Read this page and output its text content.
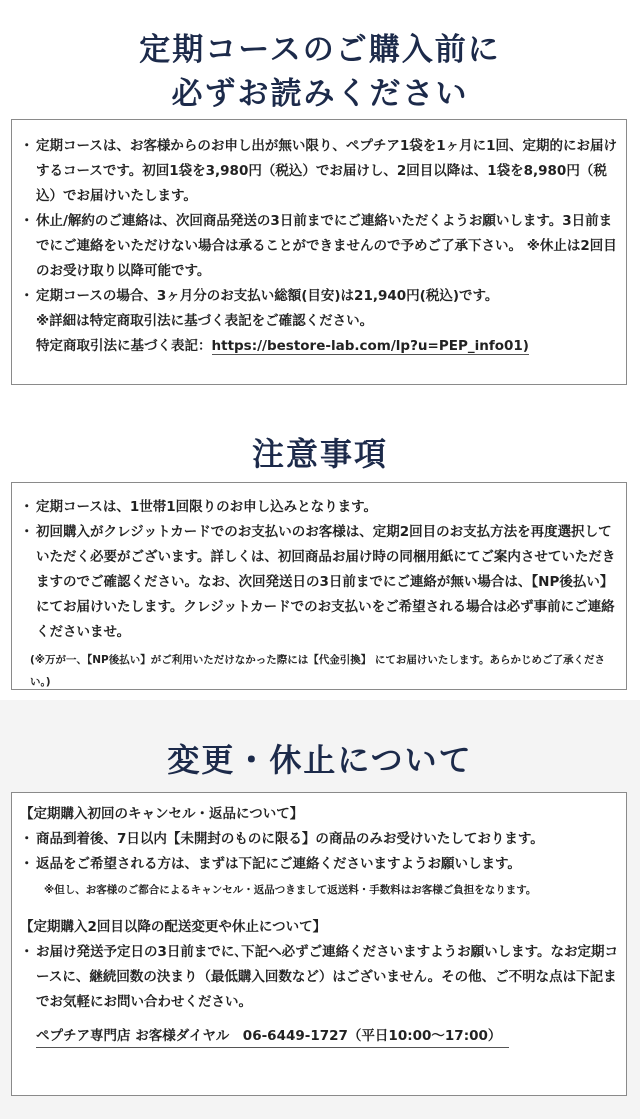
定期コースのご購入前に
必ずお読みください
・ 定期コースは、お客様からのお申し出が無い限り、ペプチア1袋を1ヶ月に1回、定期的にお届けするコースです。初回1袋を3,980円（税込）でお届けし、2回目以降は、1袋を8,980円（税込）でお届けいたします。
・ 休止/解約のご連絡は、次回商品発送の3日前までにご連絡いただくようお願いします。3日前までにご連絡をいただけない場合は承ることができませんので予めご了承下さい。 ※休止は2回目のお受け取り以降可能です。
・ 定期コースの場合、3ヶ月分のお支払い総額(目安)は21,940円(税込)です。
※詳細は特定商取引法に基づく表記をご確認ください。
特定商取引法に基づく表記：https://bestore-lab.com/lp?u=PEP_info01)
注意事項
・ 定期コースは、1世帯1回限りのお申し込みとなります。
・ 初回購入がクレジットカードでのお支払いのお客様は、定期2回目のお支払方法を再度選択していただく必要がございます。詳しくは、初回商品お届け時の同梱用紙にてご案内させていただきますのでご確認ください。なお、次回発送日の3日前までにご連絡が無い場合は、【NP後払い】にてお届けいたします。クレジットカードでのお支払いをご希望される場合は必ず事前にご連絡くださいませ。
(※万が一、【NP後払い】がご利用いただけなかった際には【代金引換】 にてお届けいたします。あらかじめご了承ください。)
変更・休止について
【定期購入初回のキャンセル・返品について】
・ 商品到着後、7日以内【未開封のものに限る】の商品のみお受けいたしております。
・ 返品をご希望される方は、まずは下記にご連絡くださいますようお願いします。
※但し、お客様のご都合によるキャンセル・返品つきまして返送料・手数料はお客様ご負担をなります。
【定期購入2回目以降の配送変更や休止について】
・ お届け発送予定日の3日前までに､下記へ必ずご連絡くださいますようお願いします。なお定期コースに、継続回数の決まり（最低購入回数など）はございません。その他、ご不明な点は下記までお気軽にお問い合わせください。
ペプチア専門店 お客様ダイヤル　06-6449-1727（平日10:00～17:00）
